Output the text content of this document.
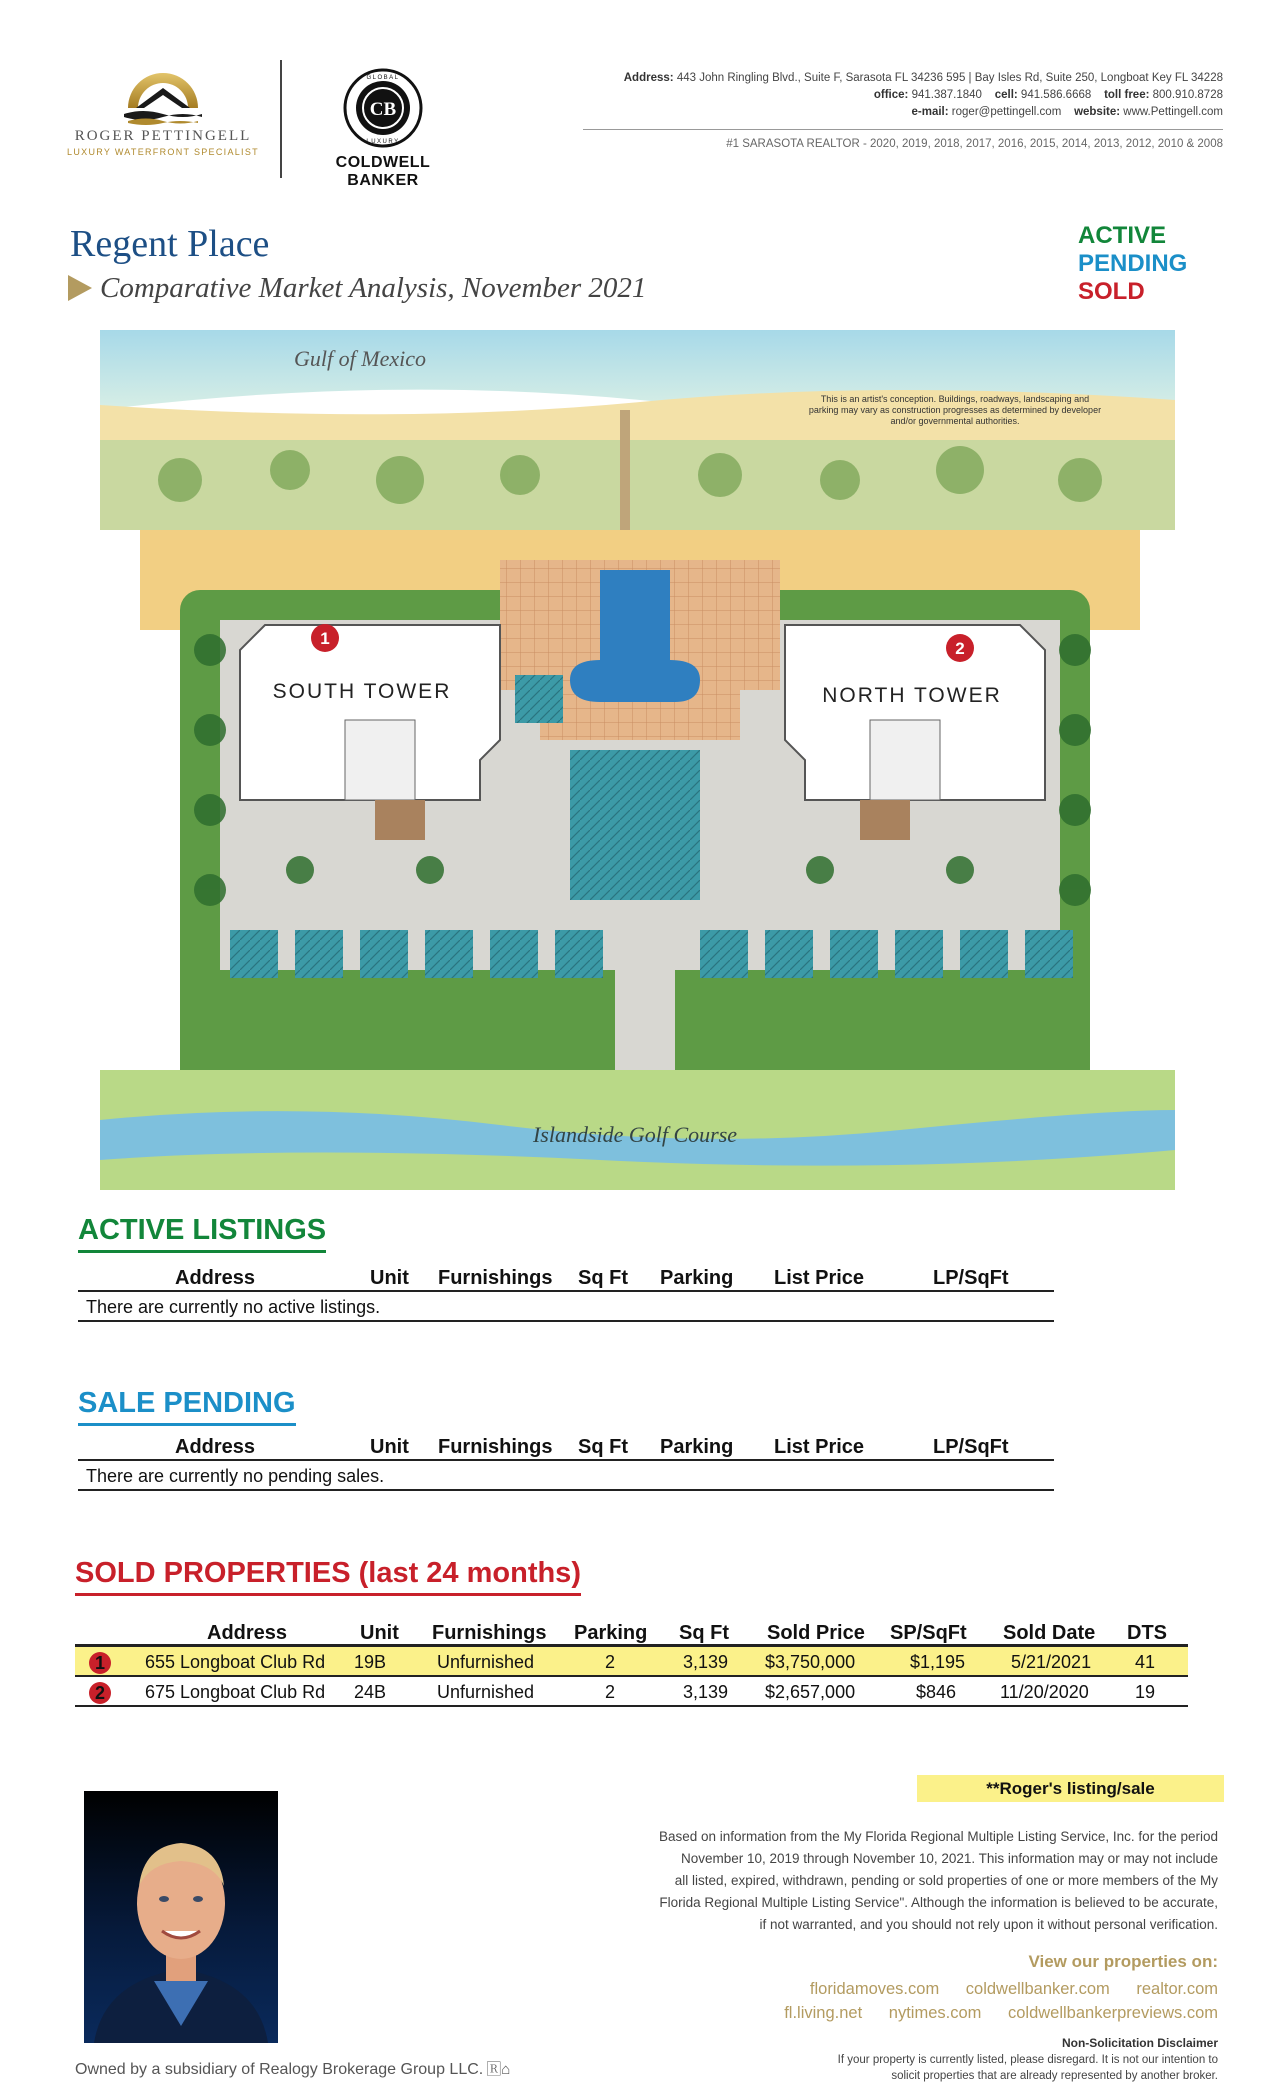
ROGER PETTINGELL
LUXURY WATERFRONT SPECIALIST
CB
GLOBAL
LUXURY
COLDWELL BANKER
Address: 443 John Ringling Blvd., Suite F, Sarasota FL 34236 595 | Bay Isles Rd, Suite 250, Longboat Key FL 34228
office: 941.387.1840 cell: 941.586.6668 toll free: 800.910.8728
e-mail: roger@pettingell.com website: www.Pettingell.com
#1 SARASOTA REALTOR - 2020, 2019, 2018, 2017, 2016, 2015, 2014, 2013, 2012, 2010 & 2008
Regent Place
Comparative Market Analysis, November 2021
ACTIVE
PENDING
SOLD
SOUTH TOWER	NORTH TOWER
1
2
Gulf of Mexico
Islandside Golf Course
This is an artist's conception. Buildings, roadways, landscaping and
parking may vary as construction progresses as determined by developer
and/or governmental authorities.
ACTIVE LISTINGS
Address	Unit Furnishings Sq Ft Parking List Price	LP/SqFt
There are currently no active listings.
SALE PENDING
Address	Unit Furnishings Sq Ft Parking List Price	LP/SqFt
There are currently no pending sales.
SOLD PROPERTIES (last 24 months)
Address	Unit Furnishings Parking Sq Ft Sold Price SP/SqFt Sold Date DTS
1	655 Longboat Club Rd 19B	Unfurnished	2	3,139 $3,750,000	$1,195	5/21/2021 41
2	675 Longboat Club Rd 24B	Unfurnished	2	3,139 $2,657,000	$846 11/20/2020	19
**Roger's listing/sale
Based on information from the My Florida Regional Multiple Listing Service, Inc. for the period
November 10, 2019 through November 10, 2021. This information may or may not include
all listed, expired, withdrawn, pending or sold properties of one or more members of the My
Florida Regional Multiple Listing Service". Although the information is believed to be accurate,
if not warranted, and you should not rely upon it without personal verification.
View our properties on:
floridamoves.com coldwellbanker.com realtor.com
fl.living.net nytimes.com coldwellbankerpreviews.com
Non-Solicitation Disclaimer
If your property is currently listed, please disregard. It is not our intention to
solicit properties that are already represented by another broker.
Owned by a subsidiary of Realogy Brokerage Group LLC. 🅁⌂
